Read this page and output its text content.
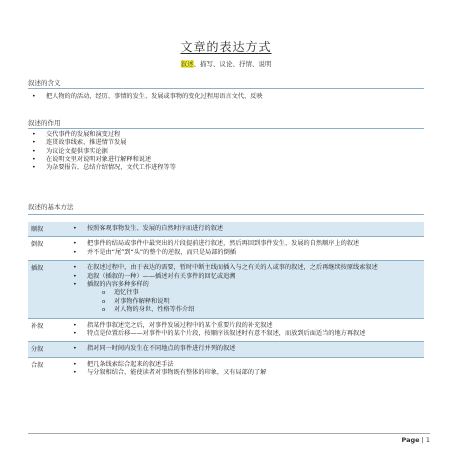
文章的表达方式
叙述、描写、议论、抒情、说明
叙述的含义
• 把人物的的活动、经历、事情的发生、发展或事物的变化过程用语言文代、反映
叙述的作用
• 交代事件的发展和演变过程
• 连贯故事线索、推进情节发展
• 为议论文提供事实论据
• 在说明文里对说明对象进行解释和说述
• 为杂要报告、总结介绍情况，文代工作进程等等
叙述的基本方法
顺叙	• 按照客观事物发生、发展的自然时序而进行的叙述
倒叙	• 把事件的结局或事件中最突出的片段提前进行叙述，然后再回到事件发生、发展的自然顺序上的叙述
• 并不是由“尾”到“头”的整个的逆叙，而只是局部的倒插
插叙	• 在叙述过程中，由于表达的需要，暂时中断主线而插入与之有关的人或事的叙述，之后再继续按原线索叙述
• 追叙（插叙的一种）——插述对有关事件的回忆或追溯
• 插叙的内容多种多样的
o 追忆往事
o 对事物作解释和说明
o 对人物的身世、性格等作介绍
补叙	• 指某件事叙述完之后，对事件发展过程中的某个重要片段的补充叙述
• 特点是位置后移——对事件中的某个片段，按顺序该叙述时有意不叙述，而放到后面适当的地方再叙述
分叙	• 指对同一时间内发生在不同地点的事件进行并列的叙述
合叙	• 把几条线索综合起来的叙述手法
• 与分叙相结合，能使读者对事物既有整体的印象，又有局部的了解
Page | 1
